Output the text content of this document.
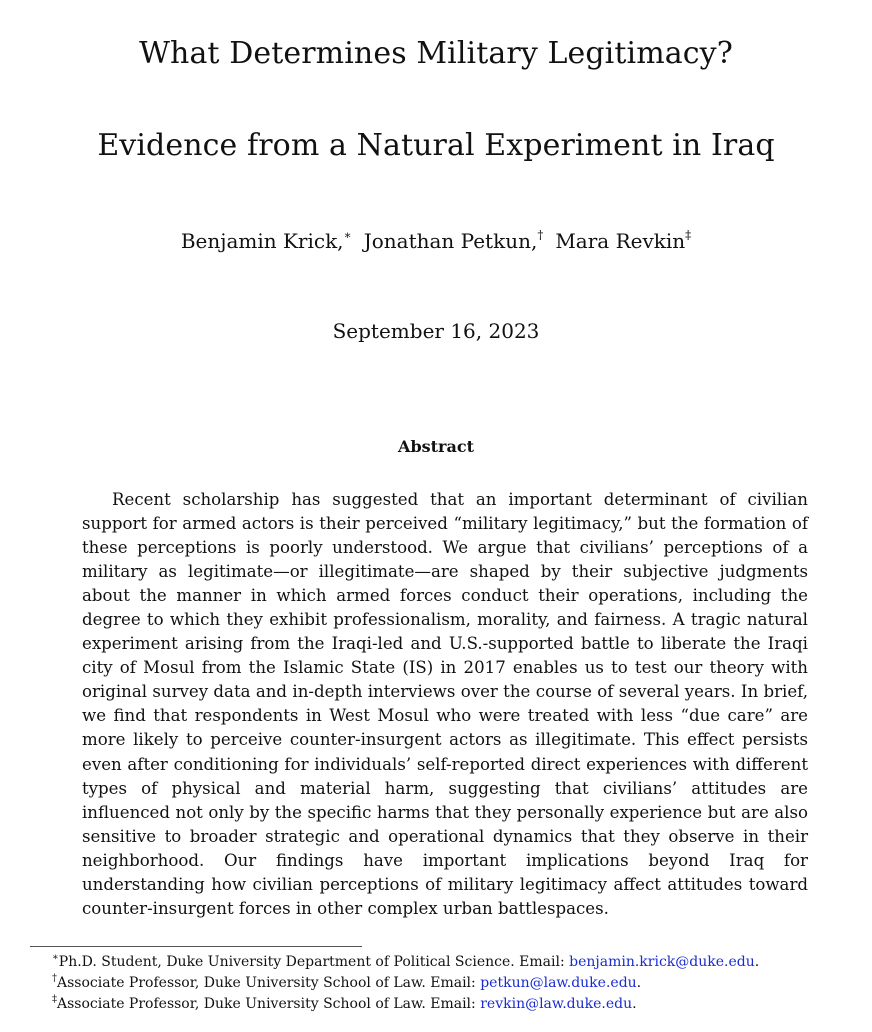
What Determines Military Legitimacy?
Evidence from a Natural Experiment in Iraq
Benjamin Krick,∗ Jonathan Petkun,† Mara Revkin‡
September 16, 2023
Abstract

Recent scholarship has suggested that an important determinant of civilian support for armed actors is their perceived “military legitimacy,” but the formation of these perceptions is poorly understood. We argue that civilians’ perceptions of a military as legitimate—or illegitimate—are shaped by their subjective judgments about the manner in which armed forces conduct their operations, including the degree to which they exhibit professionalism, morality, and fairness. A tragic natural experiment arising from the Iraqi-led and U.S.-supported battle to liberate the Iraqi city of Mosul from the Islamic State (IS) in 2017 enables us to test our theory with original survey data and in-depth interviews over the course of several years. In brief, we find that respondents in West Mosul who were treated with less “due care” are more likely to perceive counter-insurgent actors as illegitimate. This effect persists even after conditioning for individuals’ self-reported direct experiences with different types of physical and material harm, suggesting that civilians’ attitudes are influenced not only by the specific harms that they personally experience but are also sensitive to broader strategic and operational dynamics that they observe in their neighborhood. Our findings have important implications beyond Iraq for understanding how civilian perceptions of military legitimacy affect attitudes toward counter-insurgent forces in other complex urban battlespaces.

∗Ph.D. Student, Duke University Department of Political Science. Email: benjamin.krick@duke.edu.
†Associate Professor, Duke University School of Law. Email: petkun@law.duke.edu.
‡Associate Professor, Duke University School of Law. Email: revkin@law.duke.edu.
